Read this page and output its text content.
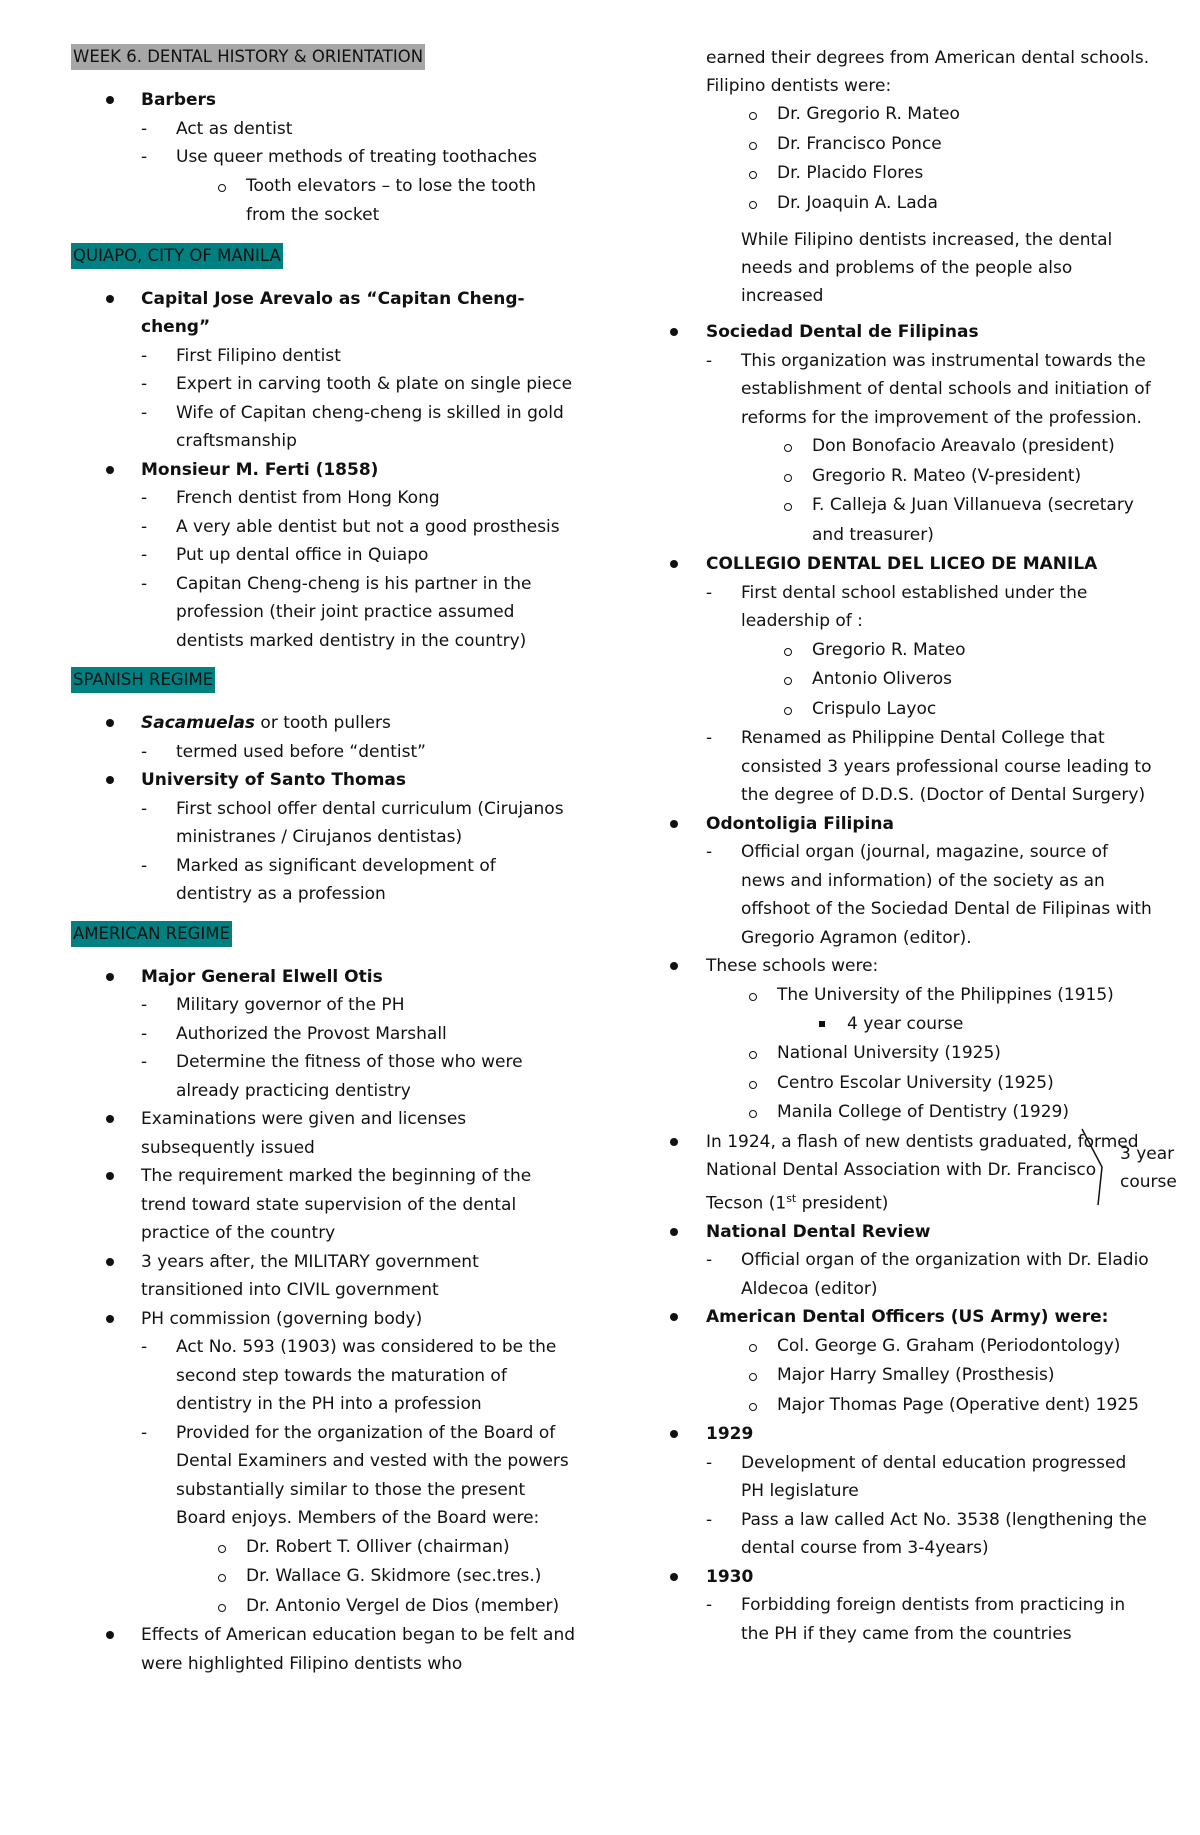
WEEK 6. DENTAL HISTORY & ORIENTATION
Barbers
- Act as dentist
- Use queer methods of treating toothaches
Tooth elevators – to lose the tooth from the socket
QUIAPO, CITY OF MANILA
Capital Jose Arevalo as “Capitan Cheng-cheng”
- First Filipino dentist
- Expert in carving tooth & plate on single piece
- Wife of Capitan cheng-cheng is skilled in gold craftsmanship
Monsieur M. Ferti (1858)
- French dentist from Hong Kong
- A very able dentist but not a good prosthesis
- Put up dental office in Quiapo
- Capitan Cheng-cheng is his partner in the profession (their joint practice assumed dentists marked dentistry in the country)
SPANISH REGIME
Sacamuelas or tooth pullers
- termed used before “dentist”
University of Santo Thomas
- First school offer dental curriculum (Cirujanos ministranes / Cirujanos dentistas)
- Marked as significant development of dentistry as a profession
AMERICAN REGIME
Major General Elwell Otis
- Military governor of the PH
- Authorized the Provost Marshall
- Determine the fitness of those who were already practicing dentistry
Examinations were given and licenses subsequently issued
The requirement marked the beginning of the trend toward state supervision of the dental practice of the country
3 years after, the MILITARY government transitioned into CIVIL government
PH commission (governing body)
- Act No. 593 (1903) was considered to be the second step towards the maturation of dentistry in the PH into a profession
- Provided for the organization of the Board of Dental Examiners and vested with the powers substantially similar to those the present Board enjoys. Members of the Board were:
Dr. Robert T. Olliver (chairman)
Dr. Wallace G. Skidmore (sec.tres.)
Dr. Antonio Vergel de Dios (member)
Effects of American education began to be felt and were highlighted Filipino dentists who
earned their degrees from American dental schools. Filipino dentists were:
Dr. Gregorio R. Mateo
Dr. Francisco Ponce
Dr. Placido Flores
Dr. Joaquin A. Lada
While Filipino dentists increased, the dental needs and problems of the people also increased
Sociedad Dental de Filipinas
- This organization was instrumental towards the establishment of dental schools and initiation of reforms for the improvement of the profession.
Don Bonofacio Areavalo (president)
Gregorio R. Mateo (V-president)
F. Calleja & Juan Villanueva (secretary and treasurer)
COLLEGIO DENTAL DEL LICEO DE MANILA
- First dental school established under the leadership of :
Gregorio R. Mateo
Antonio Oliveros
Crispulo Layoc
- Renamed as Philippine Dental College that consisted 3 years professional course leading to the degree of D.D.S. (Doctor of Dental Surgery)
Odontoligia Filipina
- Official organ (journal, magazine, source of news and information) of the society as an offshoot of the Sociedad Dental de Filipinas with Gregorio Agramon (editor).
These schools were:
The University of the Philippines (1915)
4 year course
National University (1925)
Centro Escolar University (1925)
Manila College of Dentistry (1929)
In 1924, a flash of new dentists graduated, formed National Dental Association with Dr. Francisco Tecson (1st president)
National Dental Review
- Official organ of the organization with Dr. Eladio Aldecoa (editor)
American Dental Officers (US Army) were:
Col. George G. Graham (Periodontology)
Major Harry Smalley (Prosthesis)
Major Thomas Page (Operative dent) 1925
1929
- Development of dental education progressed PH legislature
- Pass a law called Act No. 3538 (lengthening the dental course from 3-4years)
1930
- Forbidding foreign dentists from practicing in the PH if they came from the countries
3 year course
